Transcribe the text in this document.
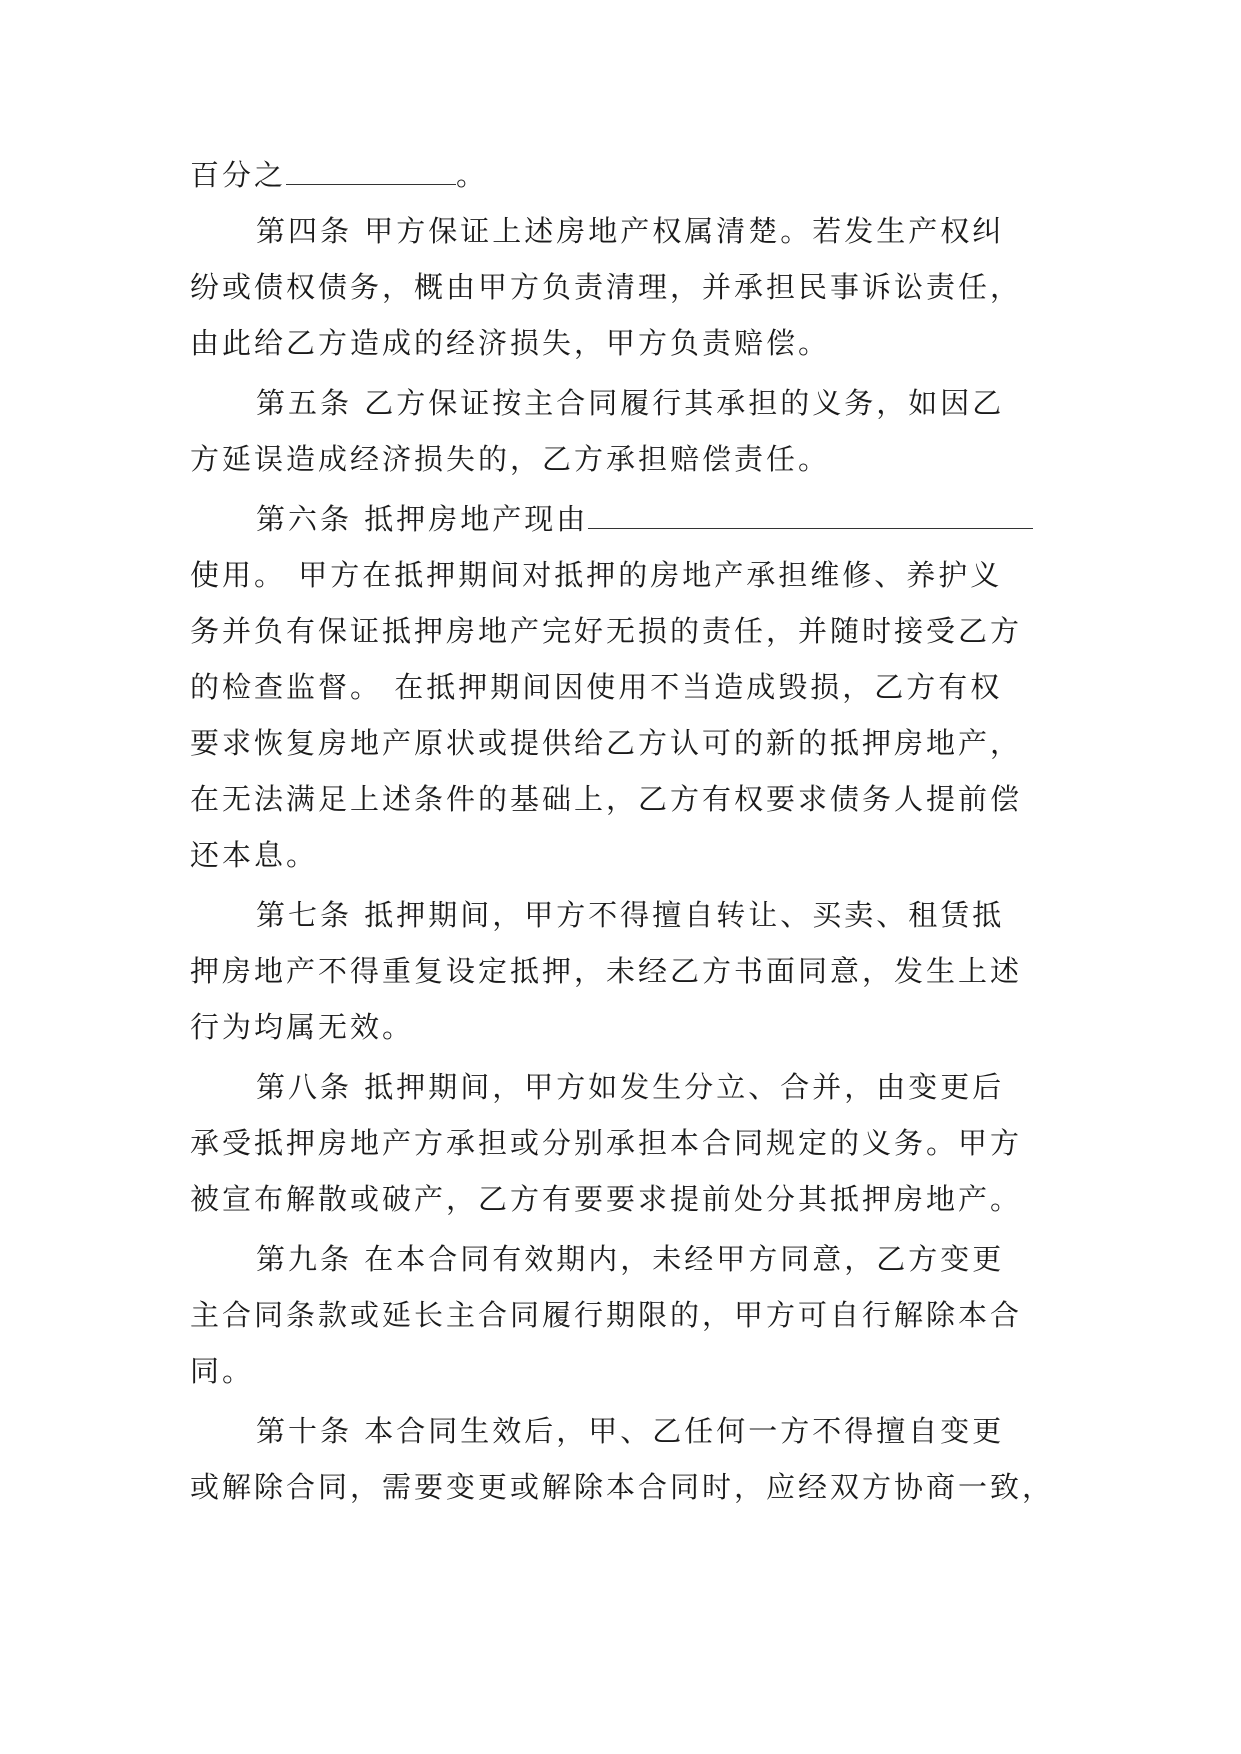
百分之	。
第四条 甲方保证上述房地产权属清楚。若发生产权纠
纷或债权债务，概由甲方负责清理，并承担民事诉讼责任，
由此给乙方造成的经济损失，甲方负责赔偿。
第五条 乙方保证按主合同履行其承担的义务，如因乙
方延误造成经济损失的，乙方承担赔偿责任。
第六条 抵押房地产现由
使用。 甲方在抵押期间对抵押的房地产承担维修、养护义
务并负有保证抵押房地产完好无损的责任，并随时接受乙方
的检查监督。 在抵押期间因使用不当造成毁损，乙方有权
要求恢复房地产原状或提供给乙方认可的新的抵押房地产，
在无法满足上述条件的基础上，乙方有权要求债务人提前偿
还本息。
第七条 抵押期间，甲方不得擅自转让、买卖、租赁抵
押房地产不得重复设定抵押，未经乙方书面同意，发生上述
行为均属无效。
第八条 抵押期间，甲方如发生分立、合并，由变更后
承受抵押房地产方承担或分别承担本合同规定的义务。甲方
被宣布解散或破产，乙方有要要求提前处分其抵押房地产。
第九条 在本合同有效期内，未经甲方同意，乙方变更
主合同条款或延长主合同履行期限的，甲方可自行解除本合
同。
第十条 本合同生效后，甲、乙任何一方不得擅自变更
或解除合同，需要变更或解除本合同时，应经双方协商一致，
